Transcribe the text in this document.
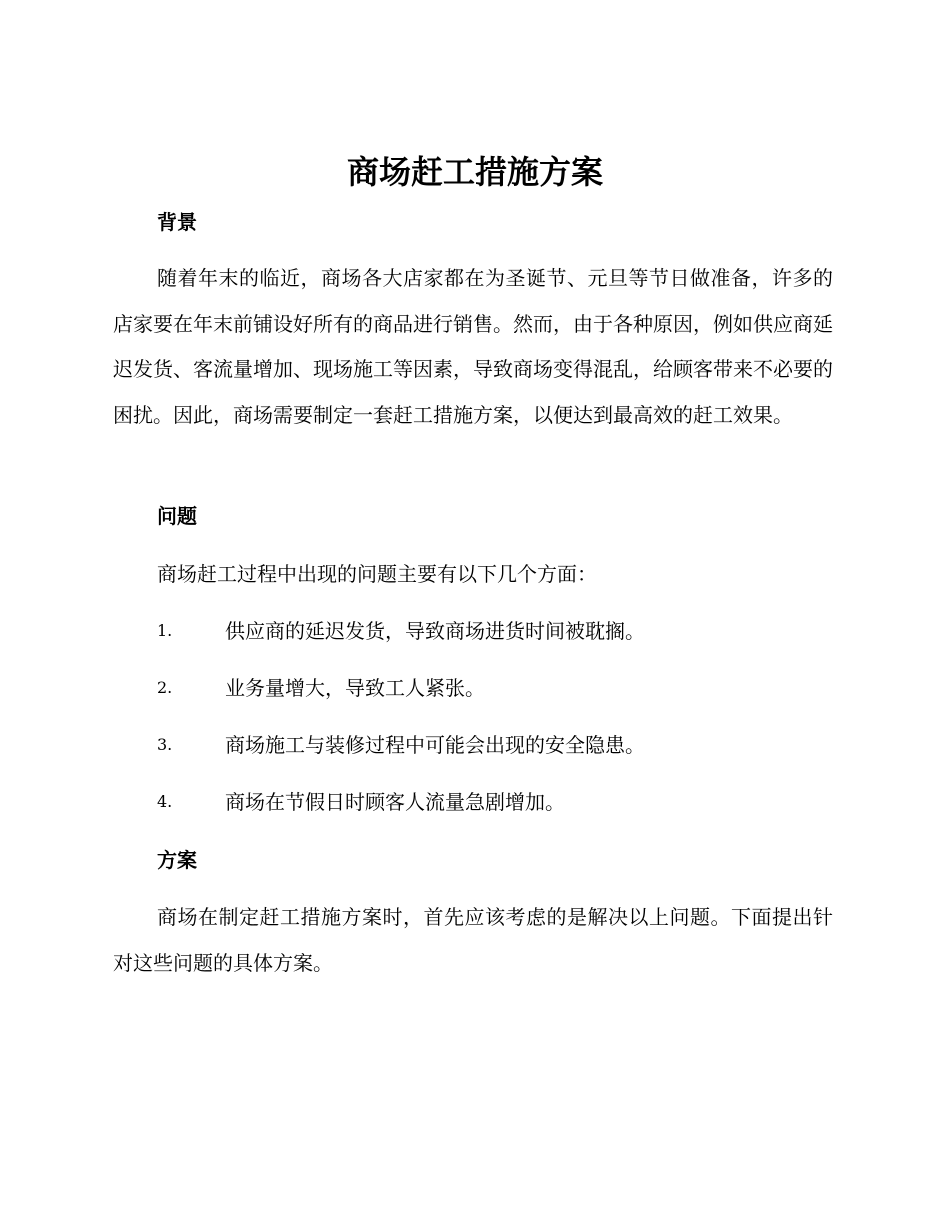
商场赶工措施方案
背景

随着年末的临近，商场各大店家都在为圣诞节、元旦等节日做准备，许多的店家要在年末前铺设好所有的商品进行销售。然而，由于各种原因，例如供应商延迟发货、客流量增加、现场施工等因素，导致商场变得混乱，给顾客带来不必要的困扰。因此，商场需要制定一套赶工措施方案，以便达到最高效的赶工效果。

问题

商场赶工过程中出现的问题主要有以下几个方面：

1.	供应商的延迟发货，导致商场进货时间被耽搁。
2.	业务量增大，导致工人紧张。
3.	商场施工与装修过程中可能会出现的安全隐患。
4.	商场在节假日时顾客人流量急剧增加。
方案

商场在制定赶工措施方案时，首先应该考虑的是解决以上问题。下面提出针对这些问题的具体方案。
